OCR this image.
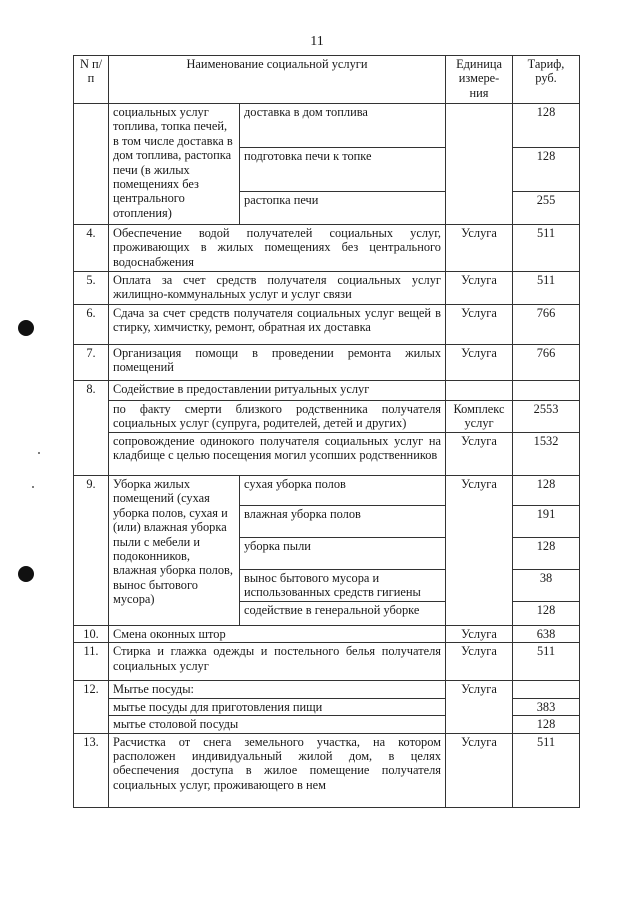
11
N п/п	Наименование социальной услуги		Единица измере-ния	Тариф, руб.
	социальных услуг топлива, топка печей, в том числе доставка в дом топлива, растопка печи (в жилых помещениях без центрального отопления)	доставка в дом топлива		128
		подготовка печи к топке		128
		растопка печи		255
4.	Обеспечение водой получателей социальных услуг, проживающих в жилых помещениях без центрального водоснабжения		Услуга	511
5.	Оплата за счет средств получателя социальных услуг жилищно-коммунальных услуг и услуг связи		Услуга	511
6.	Сдача за счет средств получателя социальных услуг вещей в стирку, химчистку, ремонт, обратная их доставка		Услуга	766
7.	Организация помощи в проведении ремонта жилых помещений		Услуга	766
8.	Содействие в предоставлении ритуальных услуг			
	по факту смерти близкого родственника получателя социальных услуг (супруга, родителей, детей и других)		Комплекс услуг	2553
	сопровождение одинокого получателя социальных услуг на кладбище с целью посещения могил усопших родственников		Услуга	1532
9.	Уборка жилых помещений (сухая уборка полов, сухая и (или) влажная уборка пыли с мебели и подоконников, влажная уборка полов, вынос бытового мусора)	сухая уборка полов	Услуга	128
		влажная уборка полов		191
		уборка пыли		128
		вынос бытового мусора и использованных средств гигиены		38
		содействие в генеральной уборке		128
10.	Смена оконных штор		Услуга	638
11.	Стирка и глажка одежды и постельного белья получателя социальных услуг		Услуга	511
12.	Мытье посуды:		Услуга	
	мытье посуды для приготовления пищи			383
	мытье столовой посуды			128
13.	Расчистка от снега земельного участка, на котором расположен индивидуальный жилой дом, в целях обеспечения доступа в жилое помещение получателя социальных услуг, проживающего в нем		Услуга	511
